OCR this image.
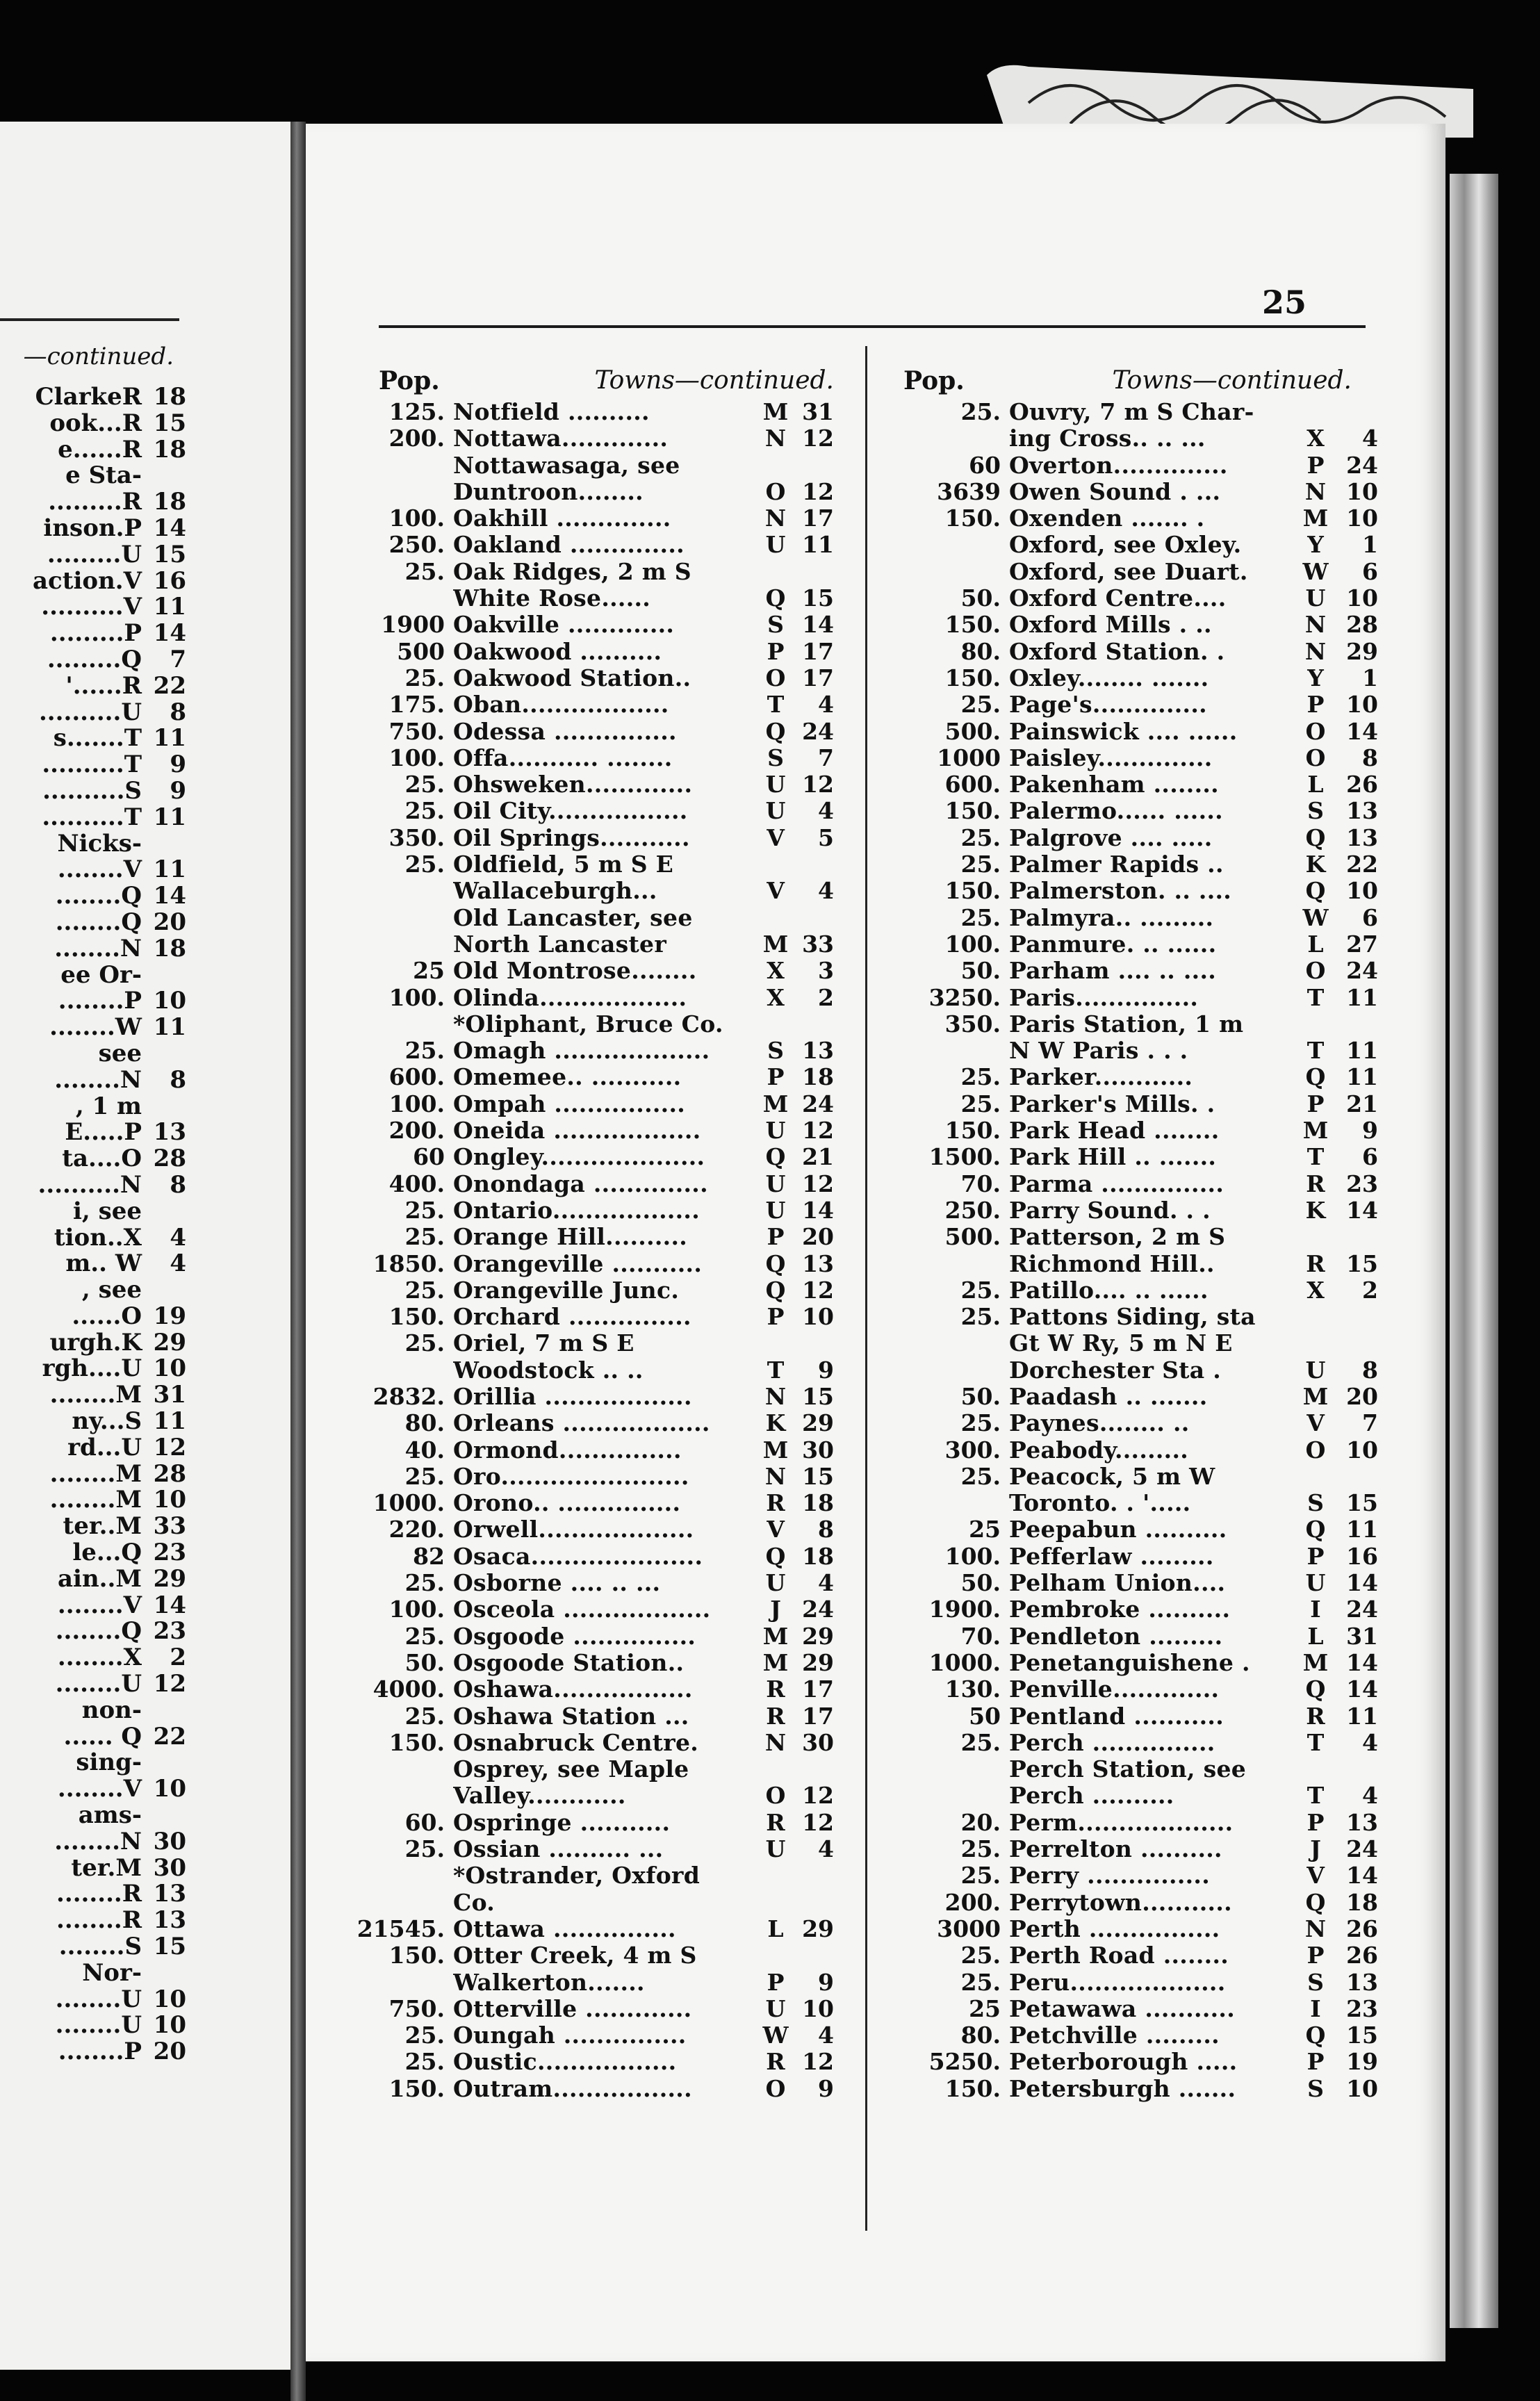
—continued.
ClarkeR 18
ook...R 15
e......R 18
e Sta-
.........R 18
inson.P 14
.........U 15
action.V 16
..........V 11
.........P 14
.........Q	7
'......R 22
..........U	8
s.......T 11
..........T	9
..........S	9
..........T 11
Nicks-
........V 11
........Q 14
........Q 20
........N 18
ee Or-
........P 10
........W 11
see
........N	8
, 1 m
E.....P 13
ta....O 28
..........N	8
i, see
tion..X	4
m.. W	4
, see
......O 19
urgh.K 29
rgh....U 10
........M 31
ny...S 11
rd...U 12
........M 28
........M 10
ter..M 33
le...Q 23
ain..M 29
........V 14
........Q 23
........X	2
........U 12
non-
...... Q 22
sing-
........V 10
ams-
........N 30
ter.M 30
........R 13
........R 13
........S 15
Nor-
........U 10
........U 10
........P 20
25
Pop.	Towns—continued.	Pop.	Towns—continued.
125. Notfield ..........	M 31
200. Nottawa.............	N 12
Nottawasaga, see
Duntroon........	O 12
100. Oakhill ..............	N 17
250. Oakland ..............	U 11
25. Oak Ridges, 2 m S
White Rose......	Q 15
1900 Oakville .............	S 14
500 Oakwood ..........	P 17
25. Oakwood Station..	O 17
175. Oban..................	T	4
750. Odessa ...............	Q 24
100. Offa........... ........	S	7
25. Ohsweken.............	U 12
25. Oil City.................	U	4
350. Oil Springs...........	V	5
25. Oldfield, 5 m S E
Wallaceburgh...	V	4
Old Lancaster, see
North Lancaster	M 33
25 Old Montrose........	X	3
100. Olinda..................	X	2
*Oliphant, Bruce Co.
25. Omagh ...................	S 13
600. Omemee.. ...........	P 18
100. Ompah ................	M 24
200. Oneida ..................	U 12
60 Ongley....................	Q 21
400. Onondaga ..............	U 12
25. Ontario..................	U 14
25. Orange Hill..........	P 20
1850. Orangeville ...........	Q 13
25. Orangeville Junc.	Q 12
150. Orchard ...............	P 10
25. Oriel, 7 m S E
Woodstock .. ..	T	9
2832. Orillia ..................	N 15
80. Orleans ..................	K 29
40. Ormond...............	M 30
25. Oro.......................	N 15
1000. Orono.. ...............	R 18
220. Orwell...................	V	8
82 Osaca.....................	Q 18
25. Osborne .... .. ...	U	4
100. Osceola ..................	J 24
25. Osgoode ...............	M 29
50. Osgoode Station..	M 29
4000. Oshawa.................	R 17
25. Oshawa Station ...	R 17
150. Osnabruck Centre.	N 30
Osprey, see Maple
Valley............	O 12
60. Ospringe ...........	R 12
25. Ossian .......... ...	U	4
*Ostrander, Oxford
Co.
21545. Ottawa ...............	L 29
150. Otter Creek, 4 m S
Walkerton.......	P	9
750. Otterville .............	U 10
25. Oungah ...............	W	4
25. Oustic.................	R 12
150. Outram.................	O	9
25. Ouvry, 7 m S Char-
ing Cross.. .. ...	X	4
60 Overton..............	P 24
3639 Owen Sound . ...	N 10
150. Oxenden ....... .	M 10
Oxford, see Oxley.	Y	1
Oxford, see Duart.	W	6
50. Oxford Centre....	U 10
150. Oxford Mills . ..	N 28
80. Oxford Station. .	N 29
150. Oxley........ .......	Y	1
25. Page's..............	P 10
500. Painswick .... ......	O 14
1000 Paisley..............	O	8
600. Pakenham ........	L 26
150. Palermo...... ......	S 13
25. Palgrove .... .....	Q 13
25. Palmer Rapids ..	K 22
150. Palmerston. .. ....	Q 10
25. Palmyra.. .........	W	6
100. Panmure. .. ......	L 27
50. Parham .... .. ....	O 24
3250. Paris...............	T 11
350. Paris Station, 1 m
N W Paris . . .	T 11
25. Parker............	Q 11
25. Parker's Mills. .	P 21
150. Park Head ........	M	9
1500. Park Hill .. .......	T	6
70. Parma ...............	R 23
250. Parry Sound. . .	K 14
500. Patterson, 2 m S
Richmond Hill..	R 15
25. Patillo.... .. ......	X	2
25. Pattons Siding, sta
Gt W Ry, 5 m N E
Dorchester Sta .	U	8
50. Paadash .. .......	M 20
25. Paynes........ ..	V	7
300. Peabody.........	O 10
25. Peacock, 5 m W
Toronto. . '.....	S 15
25 Peepabun ..........	Q 11
100. Pefferlaw .........	P 16
50. Pelham Union....	U 14
1900. Pembroke ..........	I	24
70. Pendleton .........	L 31
1000. Penetanguishene .	M 14
130. Penville.............	Q 14
50 Pentland ...........	R 11
25. Perch ...............	T	4
Perch Station, see
Perch ..........	T	4
20. Perm...................	P 13
25. Perrelton ..........	J	24
25. Perry ...............	V 14
200. Perrytown...........	Q 18
3000 Perth ................	N 26
25. Perth Road ........	P 26
25. Peru...................	S 13
25 Petawawa ...........	I	23
80. Petchville .........	Q 15
5250. Peterborough .....	P 19
150. Petersburgh .......	S 10
